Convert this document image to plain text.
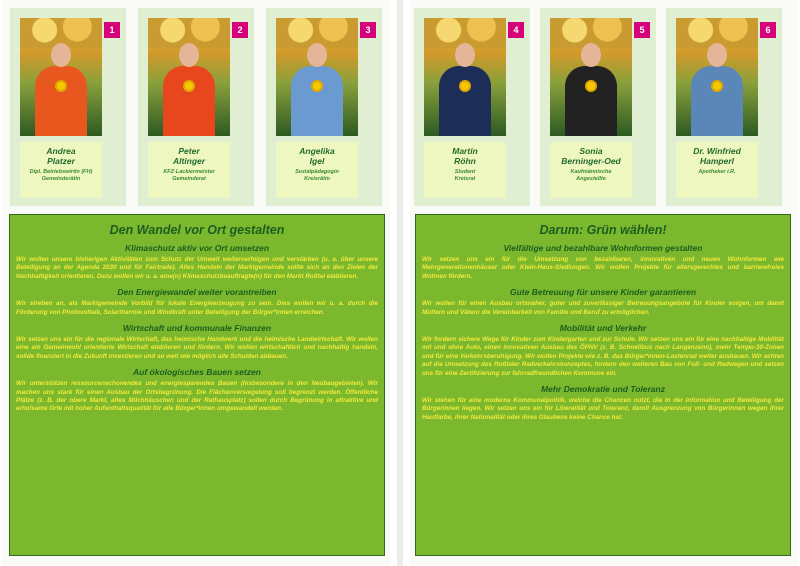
1
Andrea
Platzer
Dipl. Betriebswirtin (FH)
Gemeinderätin
2
Peter
Altinger
KFZ-Lackiermeister
Gemeinderat
3
Angelika
Igel
Sozialpädagogin
Kreisrätin
Den Wandel vor Ort gestalten
Klimaschutz aktiv vor Ort umsetzen

Wir wollen unsere bisherigen Aktivitäten zum Schutz der Umwelt weiterverfolgen und verstärken (u. a. über unsere Beteiligung an der Agenda 2030 und für Fairtrade). Alles Handeln der Marktgemeinde sollte sich an den Zielen der Nachhaltigkeit orientieren. Dazu wollen wir u. a. eine(n) Klimaschutzbeauftragte(n) für den Markt Roßtal etablieren.

Den Energiewandel weiter vorantreiben

Wir streben an, als Marktgemeinde Vorbild für lokale Energieerzeugung zu sein. Dies wollen wir u. a. durch die Förderung von Photovoltaik, Solarthermie und Windkraft unter Beteiligung der Bürger*innen erreichen.

Wirtschaft und kommunale Finanzen

Wir setzen uns ein für die regionale Wirtschaft, das heimische Handwerk und die heimische Landwirtschaft. Wir wollen eine am Gemeinwohl orientierte Wirtschaft etablieren und fördern. Wir wollen wirtschaftlich und nachhaltig handeln, solide finanziert in die Zukunft investieren und so weit wie möglich alle Schulden abbauen.

Auf ökologisches Bauen setzen

Wir unterstützen ressourcenschonendes und energiesparendes Bauen (insbesondere in den Neubaugebieten). Wir machen uns stark für einen Ausbau der Ortsbegrünung. Die Flächenversiegelung soll begrenzt werden. Öffentliche Plätze (z. B. der obere Markt, altes Milchhäuschen und der Rathausplatz) sollen durch Begrünung in attraktive und erholsame Orte mit hoher Aufenthaltsqualität für alle Bürger*innen umgewandelt werden.

4
Martin
Röhn
Student
Kreisrat
5
Sonia
Berninger-Oed
Kaufmännische
Angestellte
6
Dr. Winfried
Hamperl
Apotheker i.R.
Darum: Grün wählen!
Vielfältige und bezahlbare Wohnformen gestalten

Wir setzen uns ein für die Umsetzung von bezahlbaren, innovativen und neuen Wohnformen wie Mehrgenerationenhäuser oder Klein-Haus-Siedlungen. Wir wollen Projekte für altersgerechtes und barrierefreies Wohnen fördern.

Gute Betreuung für unsere Kinder garantieren

Wir wollen für einen Ausbau ortsnaher, guter und zuverlässiger Betreuungsangebote für Kinder sorgen, um damit Müttern und Vätern die Vereinbarkeit von Familie und Beruf zu ermöglichen.

Mobilität und Verkehr

Wir fordern sichere Wege für Kinder zum Kindergarten und zur Schule. Wir setzen uns ein für eine nachhaltige Mobilität mit und ohne Auto, einen innovativen Ausbau des ÖPNV (z. B. Schnellbus nach Langenzenn), mehr Tempo-30-Zonen und für eine Verkehrsberuhigung. Wir wollen Projekte wie z. B. das Bürger*innen-Lastenrad weiter ausbauen. Wir achten auf die Umsetzung des Roßtaler Radverkehrskonzeptes, fordern den weiteren Bau von Fuß- und Radwegen und setzen uns für eine Zertifizierung zur fahrradfreundlichen Kommune ein.

Mehr Demokratie und Toleranz

Wir stehen für eine moderne Kommunalpolitik, welche die Chancen nutzt, die in der Information und Beteiligung der Bürgerinnen liegen. Wir setzen uns ein für Liberalität und Toleranz, damit Ausgrenzung von Bürgerinnen wegen ihrer Hautfarbe, ihrer Nationalität oder ihres Glaubens keine Chance hat.
